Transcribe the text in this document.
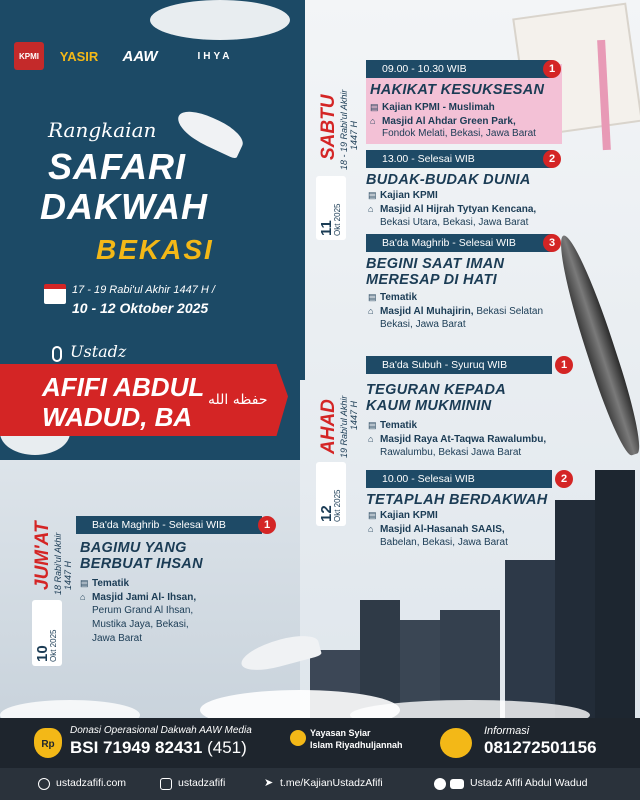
KPMI	YASIR	AAW	IHYA
Rangkaian
SAFARI
DAKWAH
BEKASI
17 - 19 Rabi'ul Akhir 1447 H /
10 - 12 Oktober 2025
Ustadz
AFIFI ABDUL
WADUD, BA
حفظه الله
SABTU 18 - 19 Rabi'ul Akhir 1447 H
11
Okt 2025
09.00 - 10.30 WIB	1
HAKIKAT KESUKSESAN
▤ Kajian KPMI - Muslimah
⌂ Masjid Al Ahdar Green Park,
Fondok Melati, Bekasi, Jawa Barat
13.00 - Selesai WIB	2
BUDAK-BUDAK DUNIA
▤ Kajian KPMI
⌂ Masjid Al Hijrah Tytyan Kencana,
Bekasi Utara, Bekasi, Jawa Barat
Ba'da Maghrib - Selesai WIB	3
BEGINI SAAT IMAN
MERESAP DI HATI
▤ Tematik
⌂ Masjid Al Muhajirin, Bekasi Selatan
Bekasi, Jawa Barat
AHAD 19 Rabi'ul Akhir 1447 H
12
Okt 2025
Ba'da Subuh - Syuruq WIB	1
TEGURAN KEPADA
KAUM MUKMININ
▤ Tematik
⌂ Masjid Raya At-Taqwa Rawalumbu,
Rawalumbu, Bekasi Jawa Barat
10.00 - Selesai WIB	2
TETAPLAH BERDAKWAH
▤ Kajian KPMI
⌂ Masjid Al-Hasanah SAAIS,
Babelan, Bekasi, Jawa Barat
JUM'AT 18 Rabi'ul Akhir 1447 H
10
Okt 2025
Ba'da Maghrib - Selesai WIB	1
BAGIMU YANG
BERBUAT IHSAN
▤ Tematik
⌂ Masjid Jami Al- Ihsan,
Perum Grand Al Ihsan,
Mustika Jaya, Bekasi,
Jawa Barat
Rp
Donasi Operasional Dakwah AAW Media
BSI 71949 82431 (451)
Yayasan Syiar
Islam Riyadhuljannah
Informasi
081272501156
ustadzafifi.com	ustadzafifi	➤ t.me/KajianUstadzAfifi	Ustadz Afifi Abdul Wadud
